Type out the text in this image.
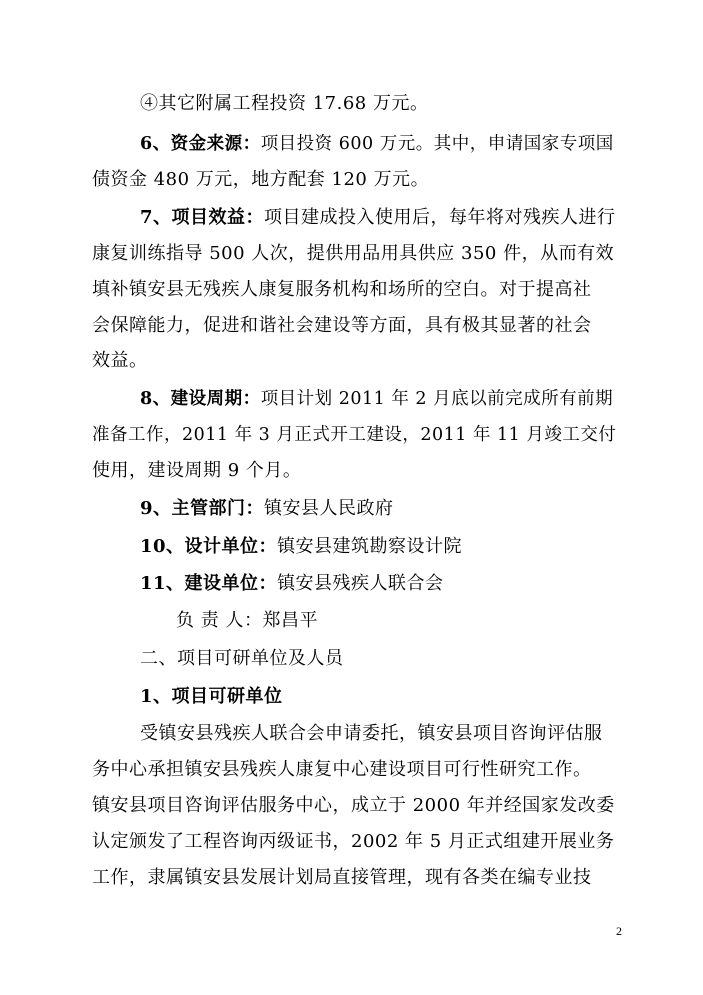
④其它附属工程投资 17.68 万元。
6、资金来源：项目投资 600 万元。其中，申请国家专项国
债资金 480 万元，地方配套 120 万元。
7、项目效益：项目建成投入使用后，每年将对残疾人进行
康复训练指导 500 人次，提供用品用具供应 350 件，从而有效
填补镇安县无残疾人康复服务机构和场所的空白。对于提高社
会保障能力，促进和谐社会建设等方面，具有极其显著的社会
效益。
8、建设周期：项目计划 2011 年 2 月底以前完成所有前期
准备工作，2011 年 3 月正式开工建设，2011 年 11 月竣工交付
使用，建设周期 9 个月。
9、主管部门：镇安县人民政府
10、设计单位：镇安县建筑勘察设计院
11、建设单位：镇安县残疾人联合会
负 责 人：郑昌平
二、项目可研单位及人员
1、项目可研单位
受镇安县残疾人联合会申请委托，镇安县项目咨询评估服
务中心承担镇安县残疾人康复中心建设项目可行性研究工作。
镇安县项目咨询评估服务中心，成立于 2000 年并经国家发改委
认定颁发了工程咨询丙级证书，2002 年 5 月正式组建开展业务
工作，隶属镇安县发展计划局直接管理，现有各类在编专业技
2
